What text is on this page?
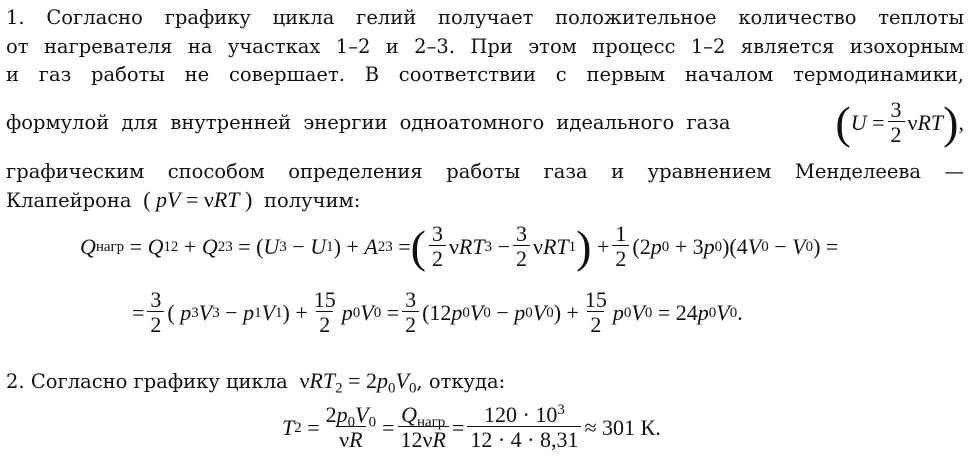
1. Согласно графику цикла гелий получает положительное количество теплоты
от нагревателя на участках 1–2 и 2–3. При этом процесс 1–2 является изохорным
и газ работы не совершает. В соответствии с первым началом термодинамики,
формулой для внутренней энергии одноатомного идеального газа ( $U = \frac{3}{2}$ ν RT ) ,
графическим способом определения работы газа и уравнением Менделеева —
Клапейрона  ( pV = νRT )  получим:
Q нагр = Q 12 + Q 23 = ( U 3 − U 1 ) + A 23 = ( $\frac{3}{2}$ ν RT $3 - \frac{3}{2}$ ν RT 1 ) + $\frac{1}{2} (2$ p 0 + 3 p 0 )(4 V 0 − V 0 ) =
= $\frac{3}{2}$ ( p 3 V 3 − p 1 V 1 ) + $\frac{15}{2}$ p 0 V $0 = \frac{3}{2} (12$ p 0 V 0 − p 0 V 0 ) + $\frac{15}{2}$ p 0 V 0 = 24 p 0 V 0 .
2. Согласно графику цикла  $\nu RT_2 = 2p_0V_0$, откуда:
T $2 = \frac{2p_0V_0}{\nu R} = \frac{Q_{нагр}}{12\nu R} = \frac{120 \cdot 10^3}{12 \cdot 4 \cdot 8,31} \approx 301$ К.
